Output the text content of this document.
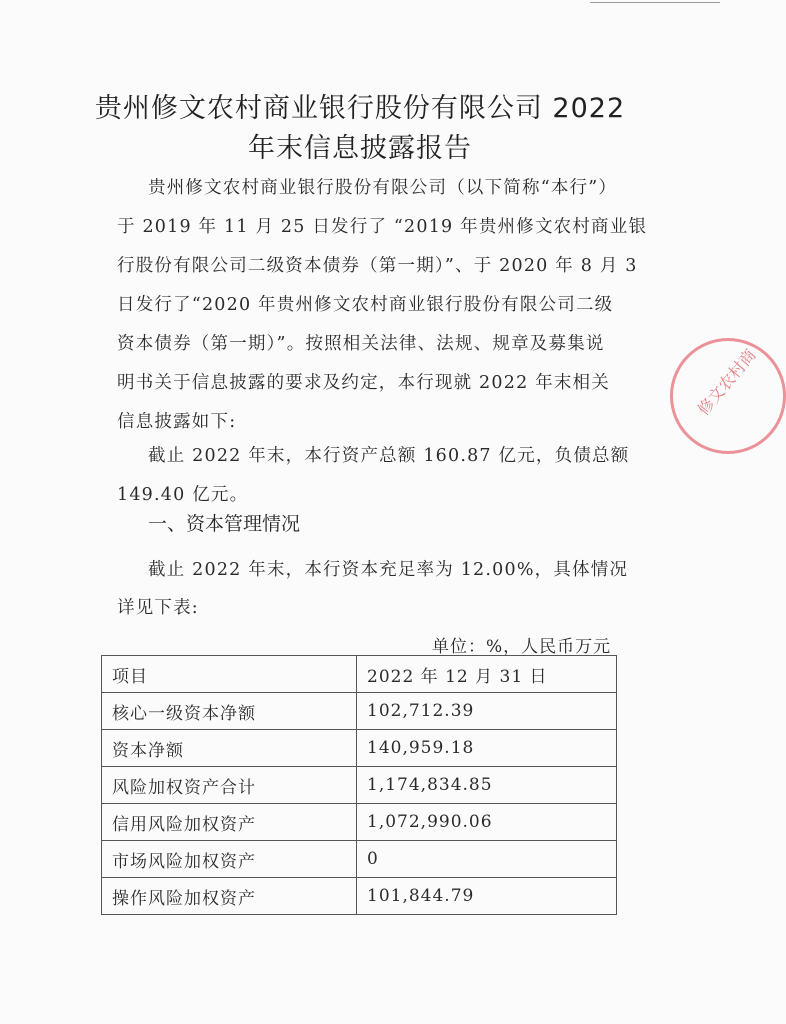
贵州修文农村商业银行股份有限公司 2022
年末信息披露报告
贵州修文农村商业银行股份有限公司（以下简称“本行”）
于 2019 年 11 月 25 日发行了 “2019 年贵州修文农村商业银
行股份有限公司二级资本债券（第一期）”、于 2020 年 8 月 3
日发行了“2020 年贵州修文农村商业银行股份有限公司二级
资本债券（第一期）”。按照相关法律、法规、规章及募集说
明书关于信息披露的要求及约定，本行现就 2022 年末相关
信息披露如下:
截止 2022 年末，本行资产总额 160.87 亿元，负债总额
149.40 亿元。
一、资本管理情况
截止 2022 年末，本行资本充足率为 12.00%，具体情况
详见下表:
单位：%，人民币万元
项目	2022 年 12 月 31 日
核心一级资本净额	102,712.39
资本净额	140,959.18
风险加权资产合计	1,174,834.85
信用风险加权资产	1,072,990.06
市场风险加权资产	0
操作风险加权资产	101,844.79
修文农村商
